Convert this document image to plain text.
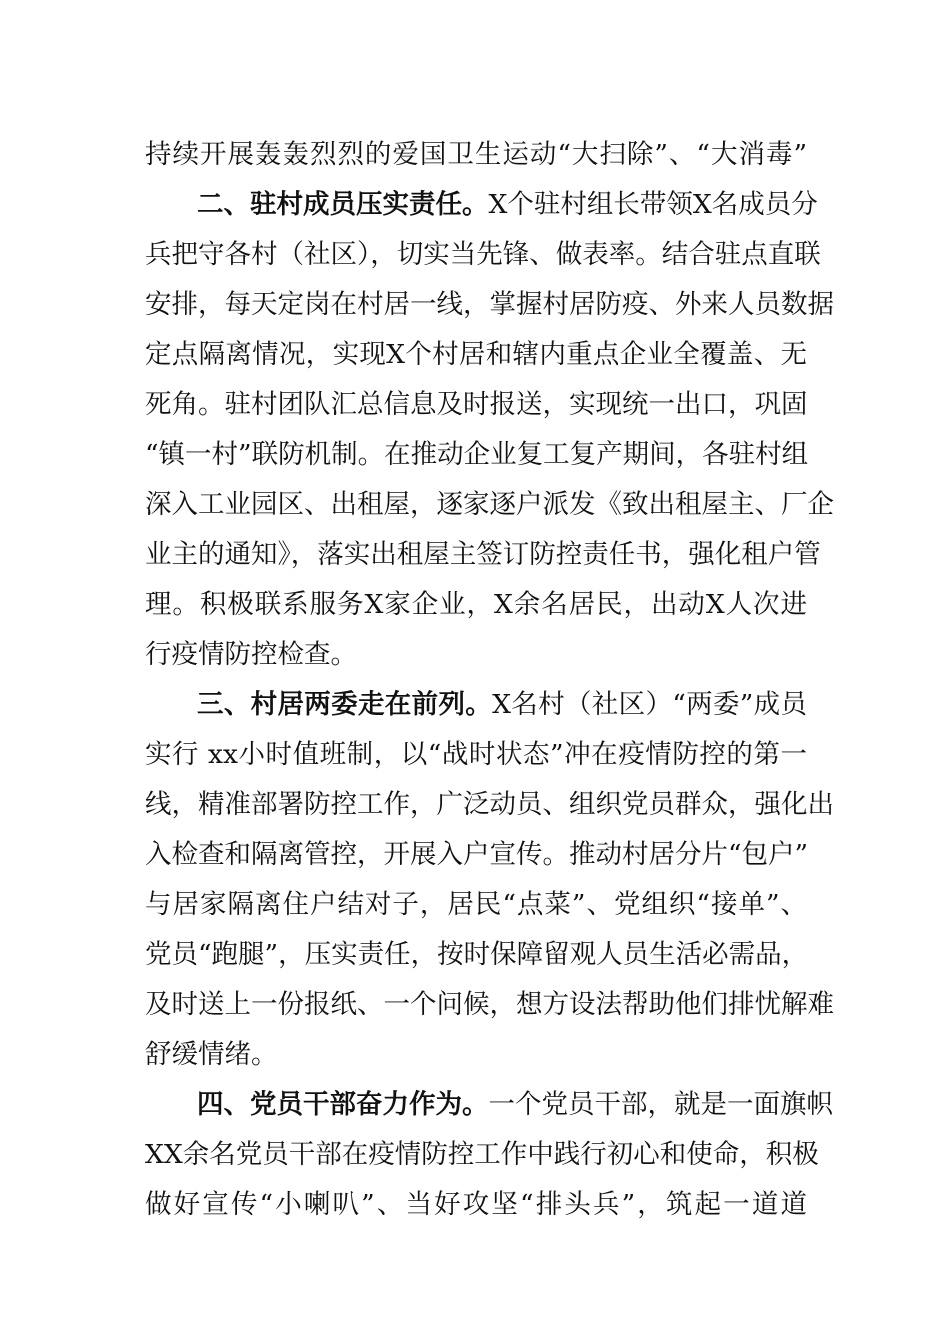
持续开展轰轰烈烈的爱国卫生运动“大扫除”、“大消毒”
二、驻村成员压实责任。X个驻村组长带领X名成员分
兵把守各村（社区），切实当先锋、做表率。结合驻点直联
安排，每天定岗在村居一线，掌握村居防疫、外来人员数据
定点隔离情况，实现X个村居和辖内重点企业全覆盖、无
死角。驻村团队汇总信息及时报送，实现统一出口，巩固
“镇一村”联防机制。在推动企业复工复产期间，各驻村组
深入工业园区、出租屋，逐家逐户派发《致出租屋主、厂企
业主的通知》，落实出租屋主签订防控责任书，强化租户管
理。积极联系服务X家企业，X余名居民，出动X人次进
行疫情防控检查。
三、村居两委走在前列。X名村（社区）“两委”成员
实行 xx小时值班制，以“战时状态”冲在疫情防控的第一
线，精准部署防控工作，广泛动员、组织党员群众，强化出
入检查和隔离管控，开展入户宣传。推动村居分片“包户”
与居家隔离住户结对子，居民“点菜”、党组织“接单”、
党员“跑腿”，压实责任，按时保障留观人员生活必需品，
及时送上一份报纸、一个问候，想方设法帮助他们排忧解难
舒缓情绪。
四、党员干部奋力作为。一个党员干部，就是一面旗帜
XX余名党员干部在疫情防控工作中践行初心和使命，积极
做好宣传“小喇叭”、当好攻坚“排头兵”，筑起一道道
